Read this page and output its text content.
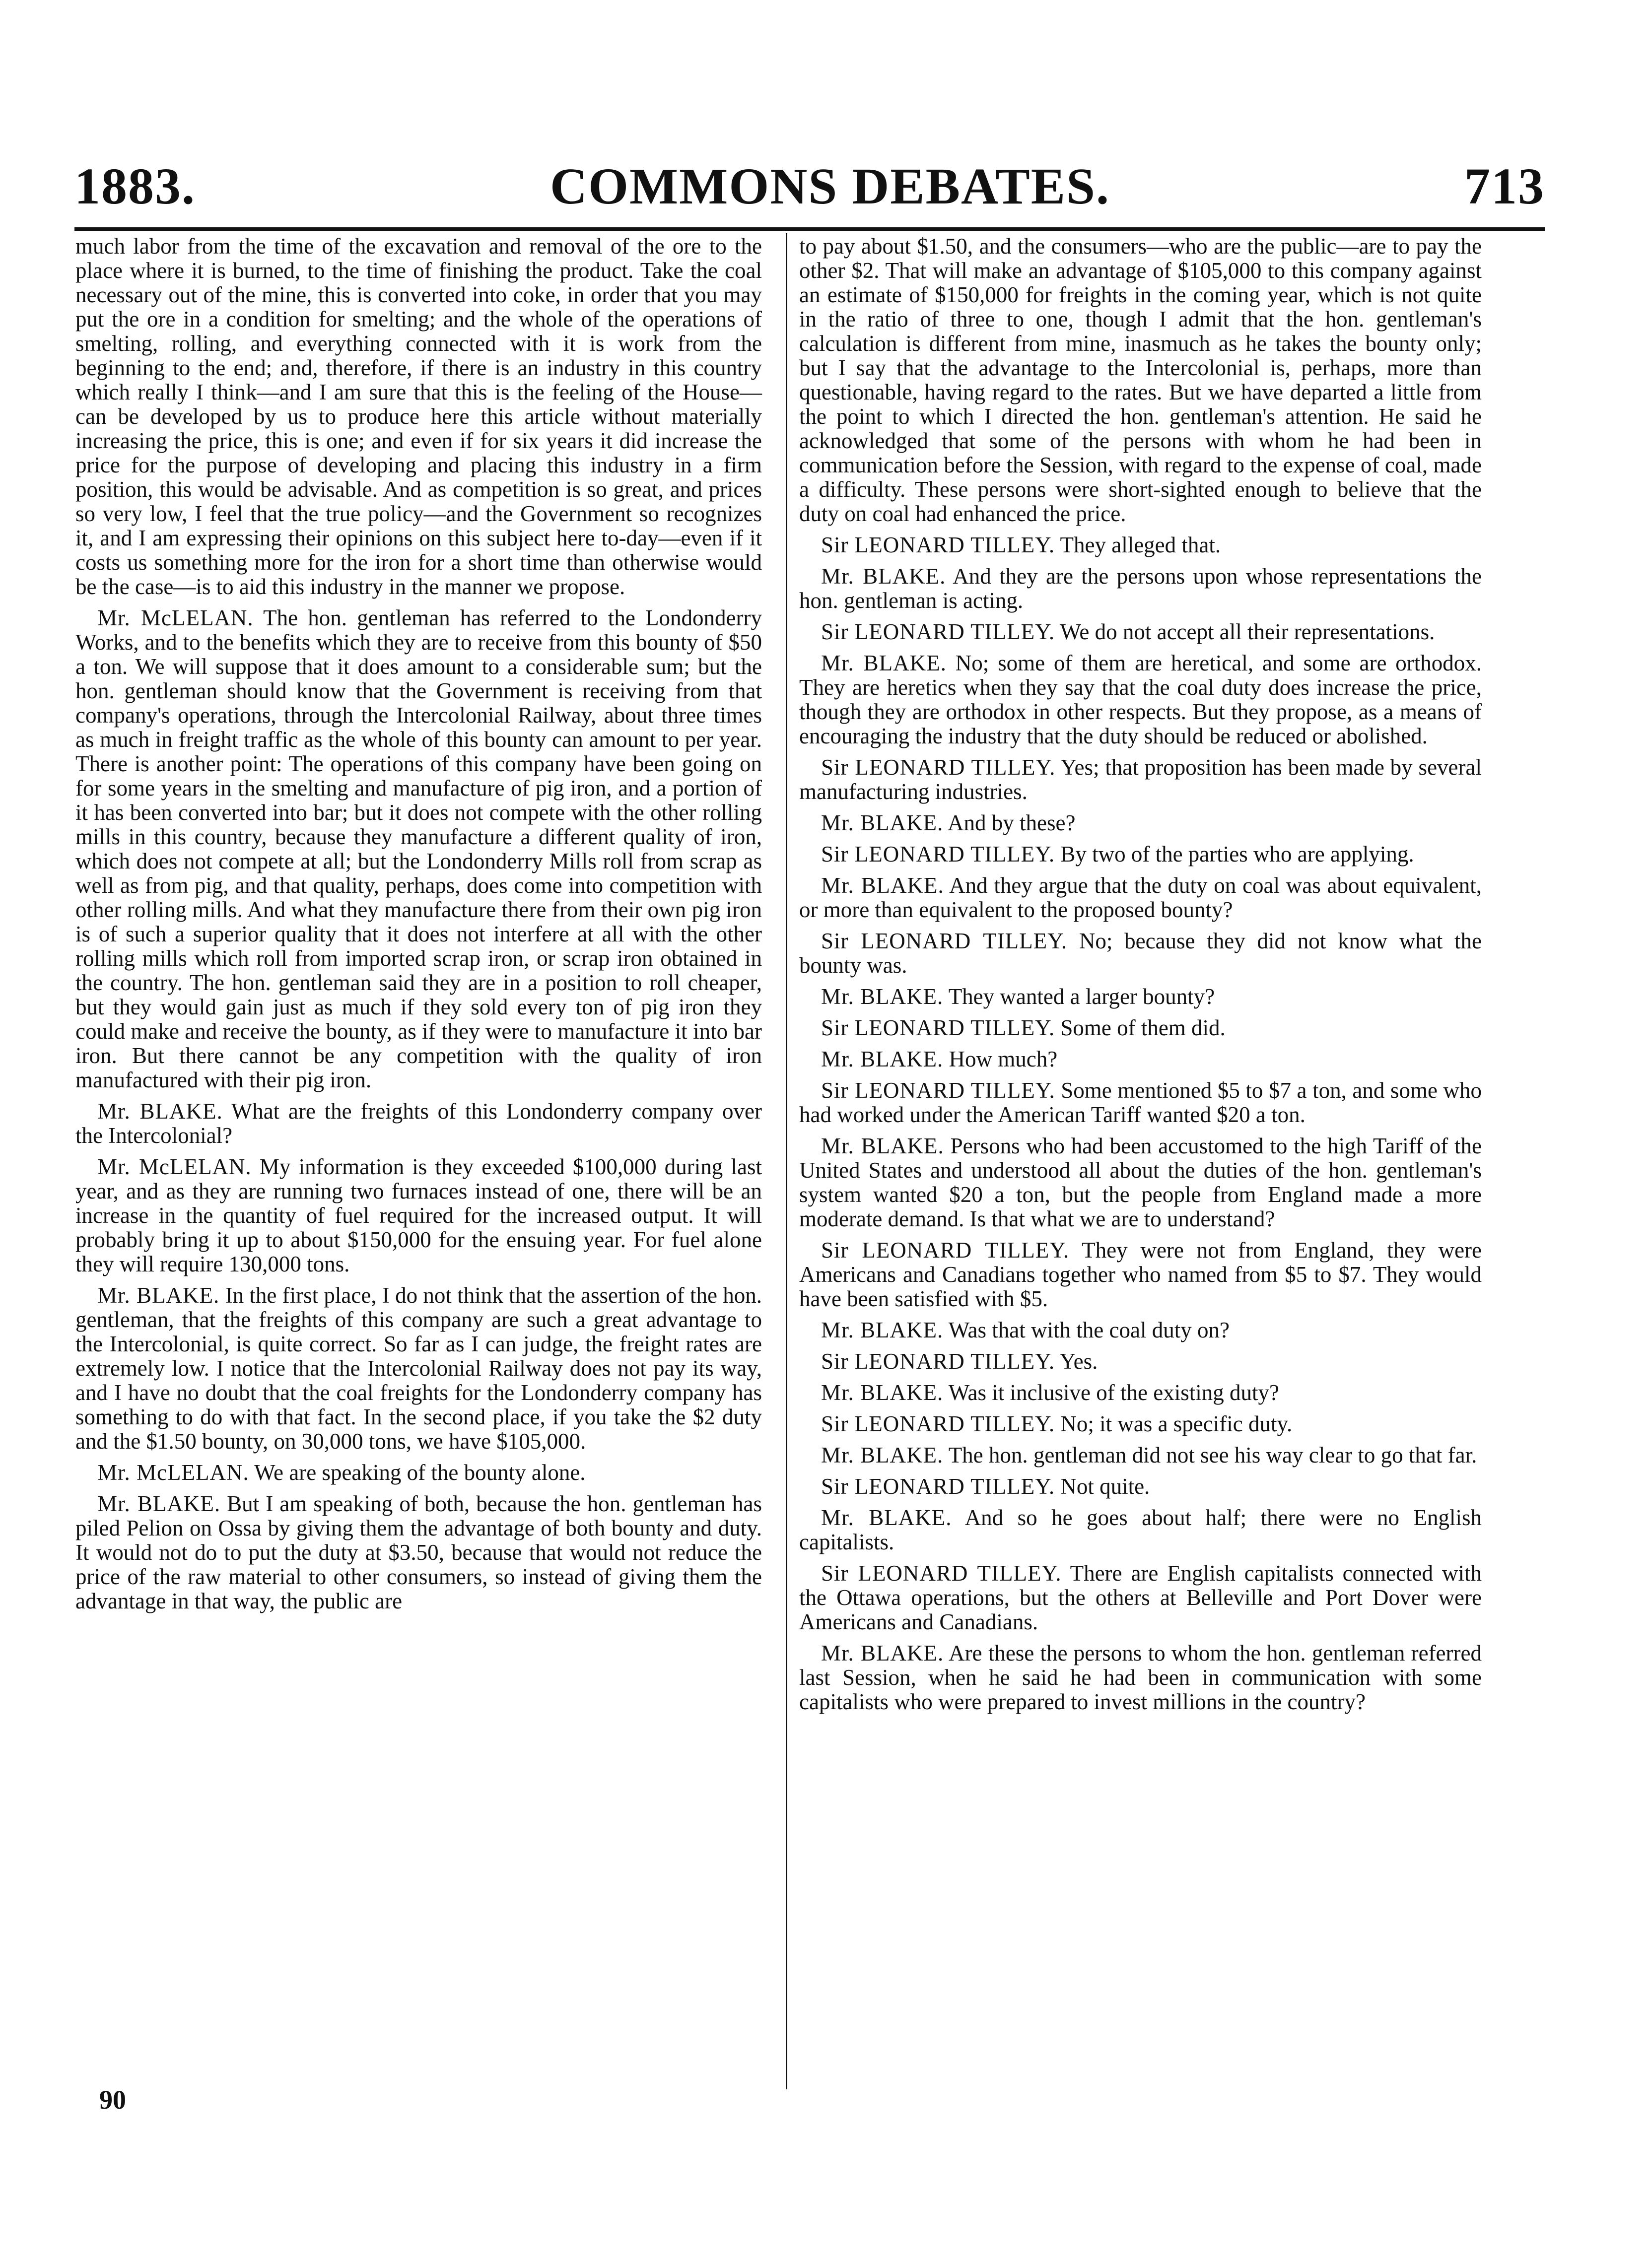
1883.	COMMONS DEBATES.	713

much labor from the time of the excavation and removal of the ore to the place where it is burned, to the time of finishing the product. Take the coal necessary out of the mine, this is converted into coke, in order that you may put the ore in a condition for smelting; and the whole of the operations of smelting, rolling, and everything connected with it is work from the beginning to the end; and, therefore, if there is an industry in this country which really I think—and I am sure that this is the feeling of the House—can be developed by us to produce here this article without materially increasing the price, this is one; and even if for six years it did increase the price for the purpose of developing and placing this industry in a firm position, this would be advisable. And as competition is so great, and prices so very low, I feel that the true policy—and the Government so recognizes it, and I am expressing their opinions on this subject here to-day—even if it costs us something more for the iron for a short time than otherwise would be the case—is to aid this industry in the manner we propose.

Mr. McLELAN. The hon. gentleman has referred to the Londonderry Works, and to the benefits which they are to receive from this bounty of $50 a ton. We will suppose that it does amount to a considerable sum; but the hon. gentleman should know that the Government is receiving from that company's operations, through the Intercolonial Railway, about three times as much in freight traffic as the whole of this bounty can amount to per year. There is another point: The operations of this company have been going on for some years in the smelting and manufacture of pig iron, and a portion of it has been converted into bar; but it does not compete with the other rolling mills in this country, because they manufacture a different quality of iron, which does not compete at all; but the Londonderry Mills roll from scrap as well as from pig, and that quality, perhaps, does come into competition with other rolling mills. And what they manufacture there from their own pig iron is of such a superior quality that it does not interfere at all with the other rolling mills which roll from imported scrap iron, or scrap iron obtained in the country. The hon. gentleman said they are in a position to roll cheaper, but they would gain just as much if they sold every ton of pig iron they could make and receive the bounty, as if they were to manufacture it into bar iron. But there cannot be any competition with the quality of iron manufactured with their pig iron.

Mr. BLAKE. What are the freights of this Londonderry company over the Intercolonial?

Mr. McLELAN. My information is they exceeded $100,000 during last year, and as they are running two furnaces instead of one, there will be an increase in the quantity of fuel required for the increased output. It will probably bring it up to about $150,000 for the ensuing year. For fuel alone they will require 130,000 tons.

Mr. BLAKE. In the first place, I do not think that the assertion of the hon. gentleman, that the freights of this company are such a great advantage to the Intercolonial, is quite correct. So far as I can judge, the freight rates are extremely low. I notice that the Intercolonial Railway does not pay its way, and I have no doubt that the coal freights for the Londonderry company has something to do with that fact. In the second place, if you take the $2 duty and the $1.50 bounty, on 30,000 tons, we have $105,000.

Mr. McLELAN. We are speaking of the bounty alone.

Mr. BLAKE. But I am speaking of both, because the hon. gentleman has piled Pelion on Ossa by giving them the advantage of both bounty and duty. It would not do to put the duty at $3.50, because that would not reduce the price of the raw material to other consumers, so instead of giving them the advantage in that way, the public are

to pay about $1.50, and the consumers—who are the public—are to pay the other $2. That will make an advantage of $105,000 to this company against an estimate of $150,000 for freights in the coming year, which is not quite in the ratio of three to one, though I admit that the hon. gentleman's calculation is different from mine, inasmuch as he takes the bounty only; but I say that the advantage to the Intercolonial is, perhaps, more than questionable, having regard to the rates. But we have departed a little from the point to which I directed the hon. gentleman's attention. He said he acknowledged that some of the persons with whom he had been in communication before the Session, with regard to the expense of coal, made a difficulty. These persons were short-sighted enough to believe that the duty on coal had enhanced the price.

Sir LEONARD TILLEY. They alleged that.

Mr. BLAKE. And they are the persons upon whose representations the hon. gentleman is acting.

Sir LEONARD TILLEY. We do not accept all their representations.

Mr. BLAKE. No; some of them are heretical, and some are orthodox. They are heretics when they say that the coal duty does increase the price, though they are orthodox in other respects. But they propose, as a means of encouraging the industry that the duty should be reduced or abolished.

Sir LEONARD TILLEY. Yes; that proposition has been made by several manufacturing industries.

Mr. BLAKE. And by these?

Sir LEONARD TILLEY. By two of the parties who are applying.

Mr. BLAKE. And they argue that the duty on coal was about equivalent, or more than equivalent to the proposed bounty?

Sir LEONARD TILLEY. No; because they did not know what the bounty was.

Mr. BLAKE. They wanted a larger bounty?

Sir LEONARD TILLEY. Some of them did.

Mr. BLAKE. How much?

Sir LEONARD TILLEY. Some mentioned $5 to $7 a ton, and some who had worked under the American Tariff wanted $20 a ton.

Mr. BLAKE. Persons who had been accustomed to the high Tariff of the United States and understood all about the duties of the hon. gentleman's system wanted $20 a ton, but the people from England made a more moderate demand. Is that what we are to understand?

Sir LEONARD TILLEY. They were not from England, they were Americans and Canadians together who named from $5 to $7. They would have been satisfied with $5.

Mr. BLAKE. Was that with the coal duty on?

Sir LEONARD TILLEY. Yes.

Mr. BLAKE. Was it inclusive of the existing duty?

Sir LEONARD TILLEY. No; it was a specific duty.

Mr. BLAKE. The hon. gentleman did not see his way clear to go that far.

Sir LEONARD TILLEY. Not quite.

Mr. BLAKE. And so he goes about half; there were no English capitalists.

Sir LEONARD TILLEY. There are English capitalists connected with the Ottawa operations, but the others at Belleville and Port Dover were Americans and Canadians.

Mr. BLAKE. Are these the persons to whom the hon. gentleman referred last Session, when he said he had been in communication with some capitalists who were prepared to invest millions in the country?

90
